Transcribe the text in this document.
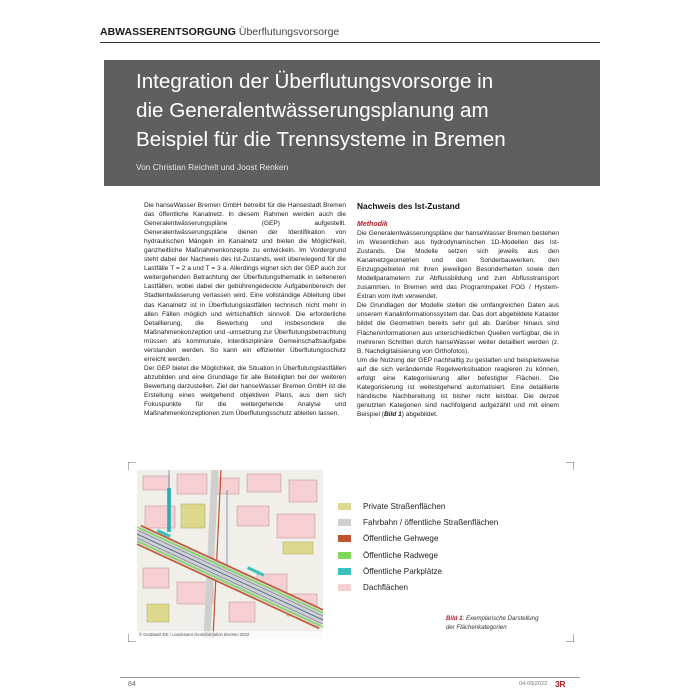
ABWASSERENTSORGUNG Überflutungsvorsorge
Integration der Überflutungsvorsorge in
die Generalentwässerungsplanung am
Beispiel für die Trennsysteme in Bremen
Von Christian Reichelt und Joost Renken

Die hanseWasser Bremen GmbH betreibt für die Hansestadt Bremen das öffentliche Kanalnetz. In diesem Rahmen werden auch die Generalentwässerungspläne (GEP) aufgestellt. Generalentwässerungspläne dienen der Identifikation von hydraulischen Mängeln im Kanalnetz und bieten die Möglichkeit, ganzheitliche Maßnahmenkonzepte zu entwickeln. Im Vordergrund steht dabei der Nachweis des Ist-Zustands, weit überwiegend für die Lastfälle T = 2 a und T = 3 a. Allerdings eignet sich der GEP auch zur weitergehenden Betrachtung der Überflutungsthematik in selteneren Lastfällen, wobei dabei der gebührengedeckte Aufgabenbereich der Stadtentwässerung verlassen wird. Eine vollständige Ableitung über das Kanalnetz ist in Überflutungslastfällen technisch nicht mehr in allen Fällen möglich und wirtschaftlich sinnvoll. Die erforderliche Detaillierung, die Bewertung und insbesondere die Maßnahmenkonzeption und -umsetzung zur Überflutungsbetrachtung müssen als kommunale, interdisziplinäre Gemeinschaftsaufgabe verstanden werden. So kann ein effizienter Überflutungsschutz erreicht werden.

Der GEP bietet die Möglichkeit, die Situation in Überflutungslastfällen abzubilden und eine Grundlage für alle Beteiligten bei der weiteren Bewertung darzustellen. Ziel der hanseWasser Bremen GmbH ist die Erstellung eines weitgehend objektiven Plans, aus dem sich Fokuspunkte für die weitergehende Analyse und Maßnahmenkonzeptionen zum Überflutungsschutz ableiten lassen.

Nachweis des Ist-Zustand
Methodik

Die Generalentwässerungspläne der hanseWasser Bremen bestehen im Wesentlichen aus hydrodynamischen 1D-Modellen des Ist-Zustands. Die Modelle setzen sich jeweils aus den Kanalnetzgeometrien und den Sonderbauwerken, den Einzugsgebieten mit ihren jeweiligen Besonderheiten sowie den Modellparametern zur Abflussbildung und zum Abflusstransport zusammen. In Bremen wird das Programmpaket FOG / Hystem-Extran vom itwh verwendet.

Die Grundlagen der Modelle stellen die umfangreichen Daten aus unserem Kanalinformationssystem dar. Das dort abgebildete Kataster bildet die Geometrien bereits sehr gut ab. Darüber hinaus sind Flächeninformationen aus unterschiedlichen Quellen verfügbar, die in mehreren Schritten durch hanseWasser weiter detailliert werden (z. B. Nachdigitalisierung von Orthofotos).

Um die Nutzung der GEP nachhaltig zu gestalten und beispielsweise auf die sich verändernde Regelwerksituation reagieren zu können, erfolgt eine Kategorisierung aller befestigter Flächen. Die Kategorisierung ist weitestgehend automatisiert. Eine detaillierte händische Nachbereitung ist bisher nicht leistbar. Die derzeit genutzten Kategorien sind nachfolgend aufgezählt und mit einem Beispiel (Bild 1) abgebildet.

© GeoBasis-DE / Landesamt GeoInformation Bremen 2022
Private Straßenflächen
Fahrbahn / öffentliche Straßenflächen
Öffentliche Gehwege
Öffentliche Radwege
Öffentliche Parkplätze
Dachflächen
Bild 1: Exemplarische Darstellung
der Flächenkategorien
84	04-05|2022 3R
